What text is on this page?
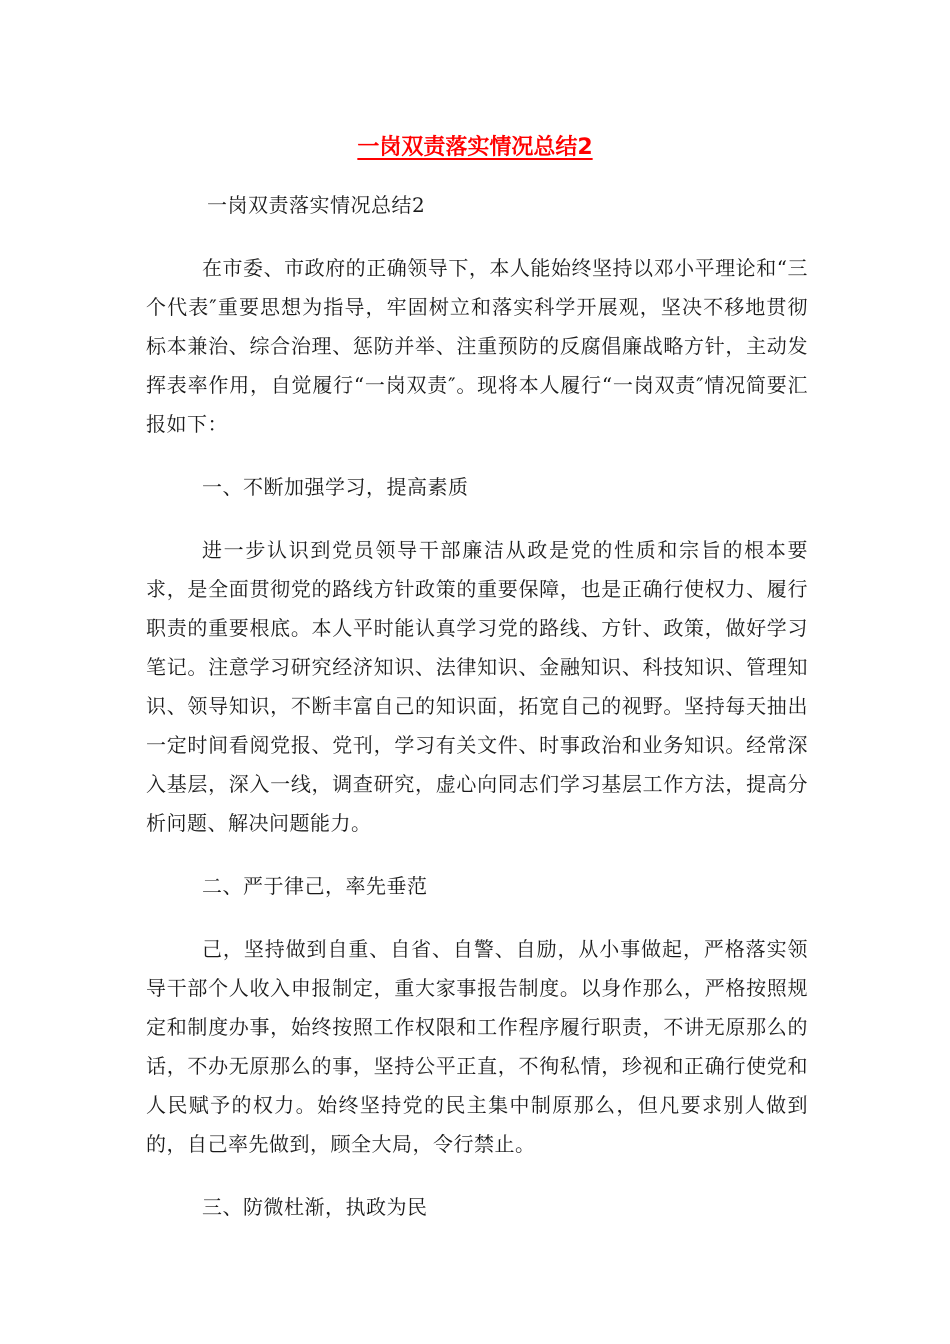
一岗双责落实情况总结2

一岗双责落实情况总结2

在市委、市政府的正确领导下，本人能始终坚持以邓小平理论和“三个代表″重要思想为指导，牢固树立和落实科学开展观，坚决不移地贯彻标本兼治、综合治理、惩防并举、注重预防的反腐倡廉战略方针，主动发挥表率作用，自觉履行“一岗双责″。现将本人履行“一岗双责″情况简要汇报如下：

一、不断加强学习，提高素质

进一步认识到党员领导干部廉洁从政是党的性质和宗旨的根本要求，是全面贯彻党的路线方针政策的重要保障，也是正确行使权力、履行职责的重要根底。本人平时能认真学习党的路线、方针、政策，做好学习笔记。注意学习研究经济知识、法律知识、金融知识、科技知识、管理知识、领导知识，不断丰富自己的知识面，拓宽自己的视野。坚持每天抽出一定时间看阅党报、党刊，学习有关文件、时事政治和业务知识。经常深入基层，深入一线，调查研究，虚心向同志们学习基层工作方法，提高分析问题、解决问题能力。

二、严于律己，率先垂范

己，坚持做到自重、自省、自警、自励，从小事做起，严格落实领导干部个人收入申报制定，重大家事报告制度。以身作那么，严格按照规定和制度办事，始终按照工作权限和工作程序履行职责，不讲无原那么的话，不办无原那么的事，坚持公平正直，不徇私情，珍视和正确行使党和人民赋予的权力。始终坚持党的民主集中制原那么，但凡要求别人做到的，自己率先做到，顾全大局，令行禁止。

三、防微杜渐，执政为民
